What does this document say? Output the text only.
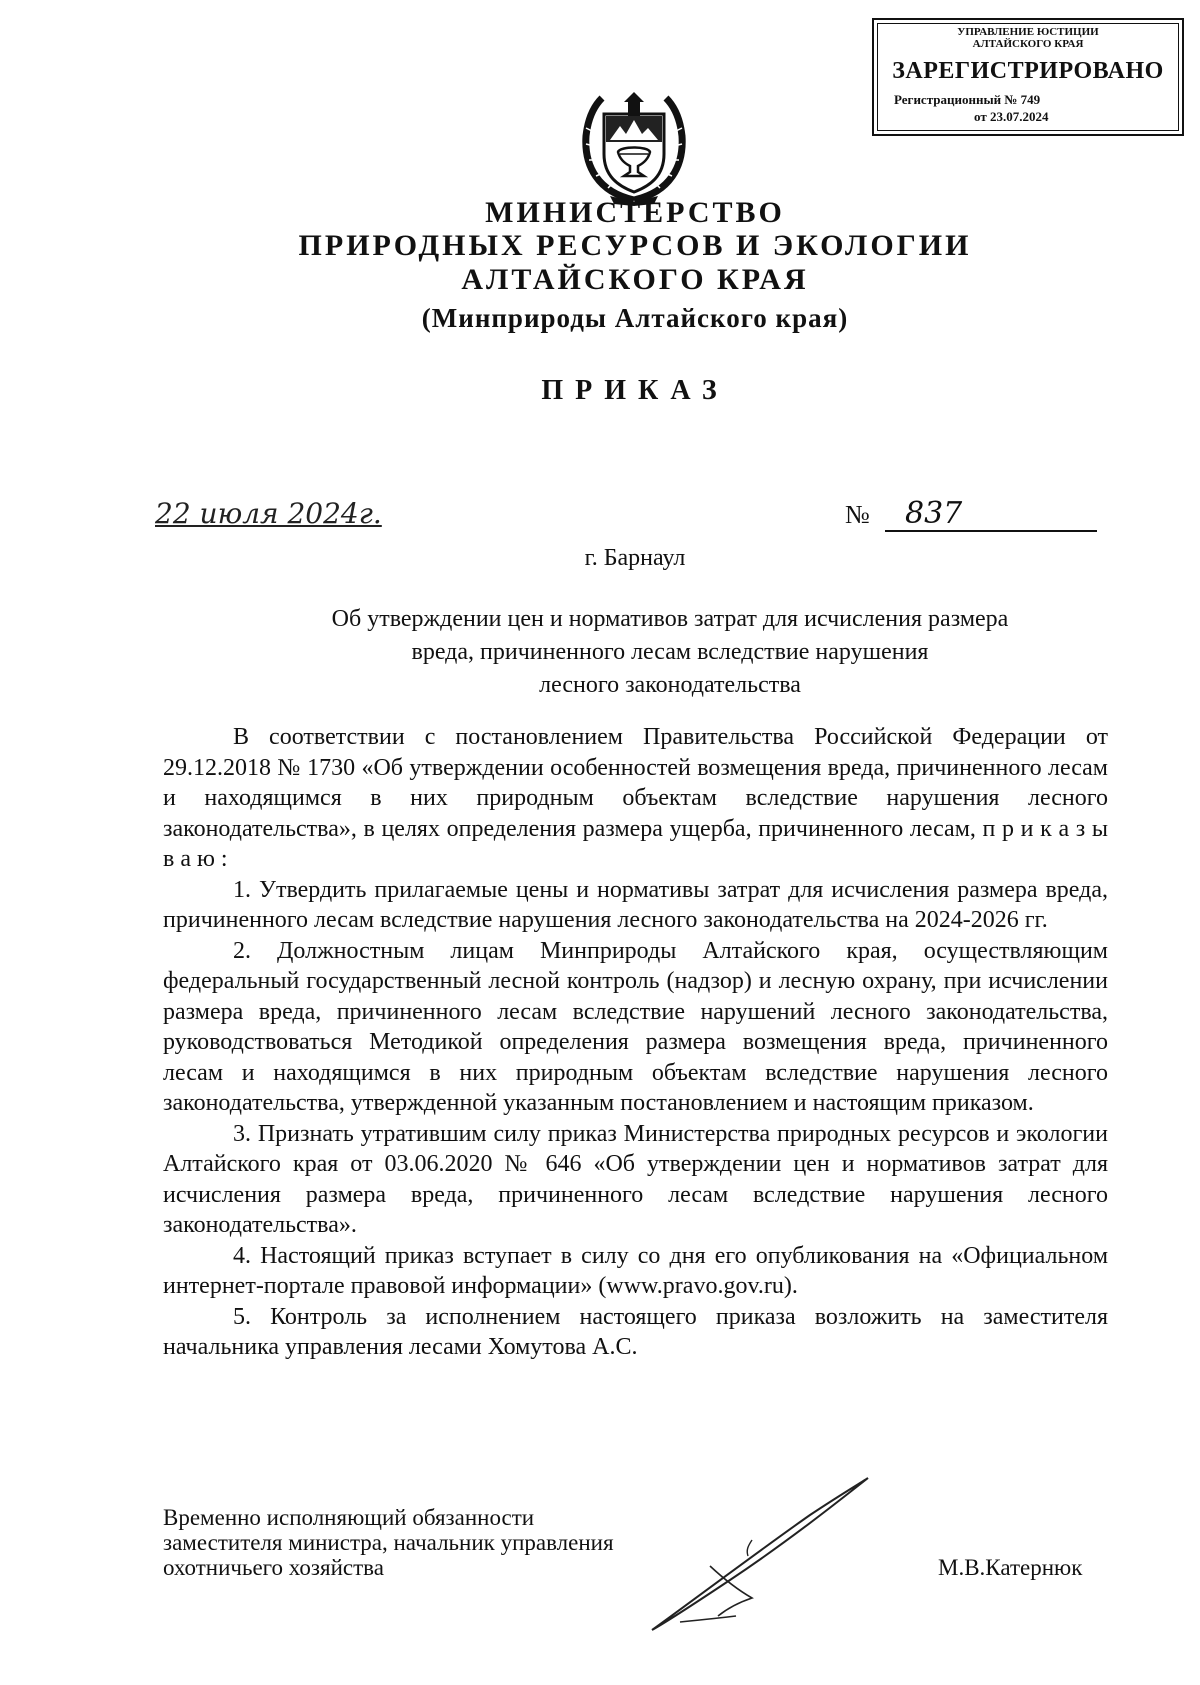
УПРАВЛЕНИЕ ЮСТИЦИИ
АЛТАЙСКОГО КРАЯ
ЗАРЕГИСТРИРОВАНО
Регистрационный № 749
от 23.07.2024
МИНИСТЕРСТВО
ПРИРОДНЫХ РЕСУРСОВ И ЭКОЛОГИИ
АЛТАЙСКОГО КРАЯ
(Минприроды Алтайского края)
ПРИКАЗ
22 июля 2024г.	№	837
г. Барнаул
Об утверждении цен и нормативов затрат для исчисления размера
вреда, причиненного лесам вследствие нарушения
лесного законодательства

В соответствии с постановлением Правительства Российской Федерации от 29.12.2018 № 1730 «Об утверждении особенностей возмещения вреда, причиненного лесам и находящимся в них природным объектам вследствие нарушения лесного законодательства», в целях определения размера ущерба, причиненного лесам, п р и к а з ы в а ю :

1. Утвердить прилагаемые цены и нормативы затрат для исчисления размера вреда, причиненного лесам вследствие нарушения лесного законодательства на 2024-2026 гг.

2. Должностным лицам Минприроды Алтайского края, осуществляющим федеральный государственный лесной контроль (надзор) и лесную охрану, при исчислении размера вреда, причиненного лесам вследствие нарушений лесного законодательства, руководствоваться Методикой определения размера возмещения вреда, причиненного лесам и находящимся в них природным объектам вследствие нарушения лесного законодательства, утвержденной указанным постановлением и настоящим приказом.

3. Признать утратившим силу приказ Министерства природных ресурсов и экологии Алтайского края от 03.06.2020 № 646 «Об утверждении цен и нормативов затрат для исчисления размера вреда, причиненного лесам вследствие нарушения лесного законодательства».

4. Настоящий приказ вступает в силу со дня его опубликования на «Официальном интернет-портале правовой информации» (www.pravo.gov.ru).

5. Контроль за исполнением настоящего приказа возложить на заместителя начальника управления лесами Хомутова А.С.

Временно исполняющий обязанности
заместителя министра, начальник управления
охотничьего хозяйства	М.В.Катернюк
